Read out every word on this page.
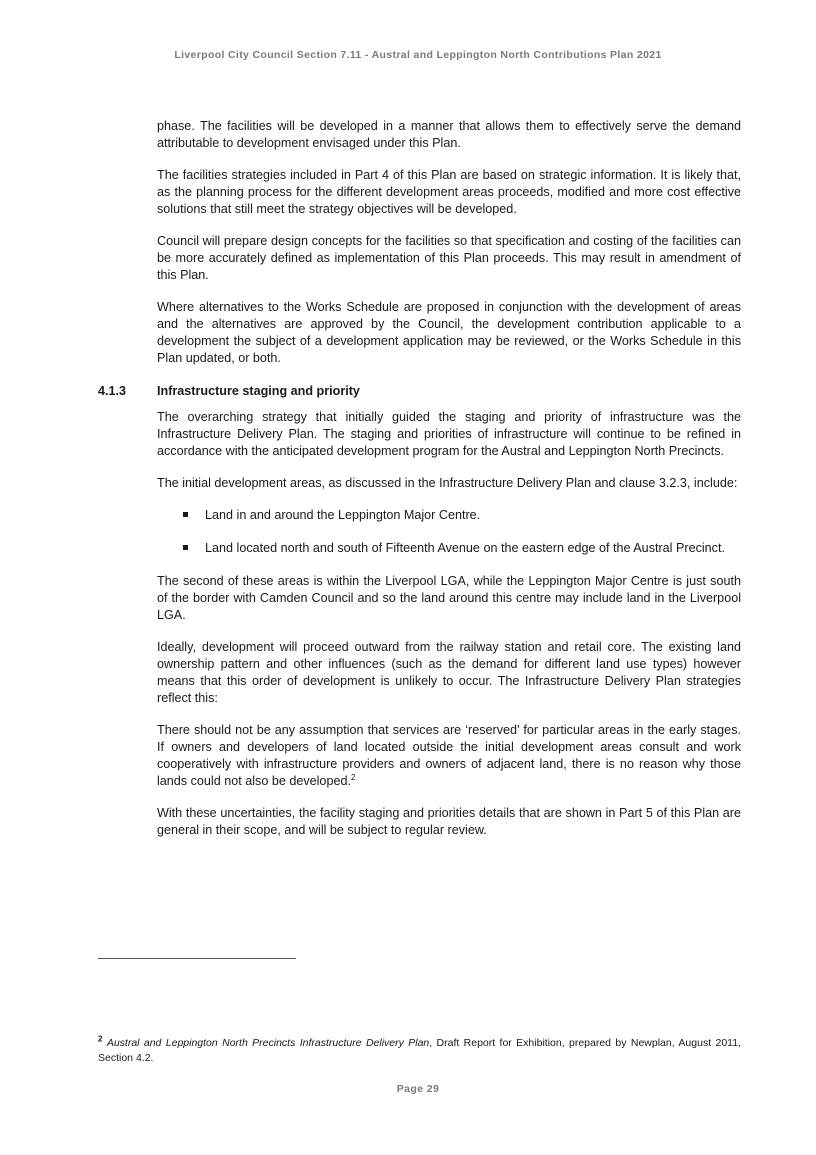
Liverpool City Council Section 7.11 - Austral and Leppington North Contributions Plan 2021

phase. The facilities will be developed in a manner that allows them to effectively serve the demand attributable to development envisaged under this Plan.

The facilities strategies included in Part 4 of this Plan are based on strategic information. It is likely that, as the planning process for the different development areas proceeds, modified and more cost effective solutions that still meet the strategy objectives will be developed.

Council will prepare design concepts for the facilities so that specification and costing of the facilities can be more accurately defined as implementation of this Plan proceeds. This may result in amendment of this Plan.

Where alternatives to the Works Schedule are proposed in conjunction with the development of areas and the alternatives are approved by the Council, the development contribution applicable to a development the subject of a development application may be reviewed, or the Works Schedule in this Plan updated, or both.

4.1.3 Infrastructure staging and priority

The overarching strategy that initially guided the staging and priority of infrastructure was the Infrastructure Delivery Plan. The staging and priorities of infrastructure will continue to be refined in accordance with the anticipated development program for the Austral and Leppington North Precincts.

The initial development areas, as discussed in the Infrastructure Delivery Plan and clause 3.2.3, include:

Land in and around the Leppington Major Centre.
Land located north and south of Fifteenth Avenue on the eastern edge of the Austral Precinct.

The second of these areas is within the Liverpool LGA, while the Leppington Major Centre is just south of the border with Camden Council and so the land around this centre may include land in the Liverpool LGA.

Ideally, development will proceed outward from the railway station and retail core. The existing land ownership pattern and other influences (such as the demand for different land use types) however means that this order of development is unlikely to occur. The Infrastructure Delivery Plan strategies reflect this:

There should not be any assumption that services are ‘reserved’ for particular areas in the early stages. If owners and developers of land located outside the initial development areas consult and work cooperatively with infrastructure providers and owners of adjacent land, there is no reason why those lands could not also be developed.$^2$

With these uncertainties, the facility staging and priorities details that are shown in Part 5 of this Plan are general in their scope, and will be subject to regular review.

$^2$ Austral and Leppington North Precincts Infrastructure Delivery Plan, Draft Report for Exhibition, prepared by Newplan, August 2011, Section 4.2.
Page 29
